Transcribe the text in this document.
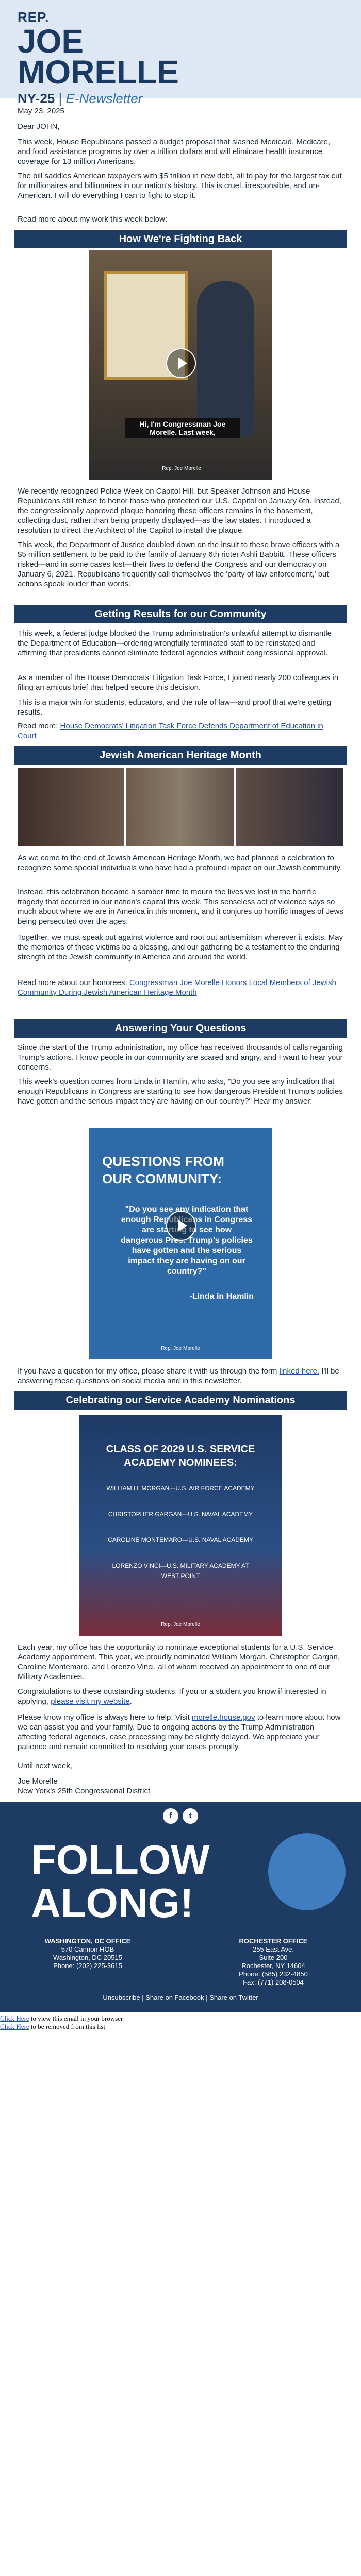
REP.
JOE
MORELLE
NY-25 | E-Newsletter
May 23, 2025
Dear JOHN,
This week, House Republicans passed a budget proposal that slashed Medicaid, Medicare, and food assistance programs by over a trillion dollars and will eliminate health insurance coverage for 13 million Americans.
The bill saddles American taxpayers with $5 trillion in new debt, all to pay for the largest tax cut for millionaires and billionaires in our nation's history. This is cruel, irresponsible, and un-American. I will do everything I can to fight to stop it.
Read more about my work this week below:
How We're Fighting Back
Hi, I'm Congressman Joe
Morelle. Last week,
Rep. Joe Morelle
We recently recognized Police Week on Capitol Hill, but Speaker Johnson and House Republicans still refuse to honor those who protected our U.S. Capitol on January 6th. Instead, the congressionally approved plaque honoring these officers remains in the basement, collecting dust, rather than being properly displayed—as the law states. I introduced a resolution to direct the Architect of the Capitol to install the plaque.
This week, the Department of Justice doubled down on the insult to these brave officers with a $5 million settlement to be paid to the family of January 6th rioter Ashli Babbitt. These officers risked—and in some cases lost—their lives to defend the Congress and our democracy on January 6, 2021. Republicans frequently call themselves the 'party of law enforcement,' but actions speak louder than words.
Getting Results for our Community
This week, a federal judge blocked the Trump administration's unlawful attempt to dismantle the Department of Education—ordering wrongfully terminated staff to be reinstated and affirming that presidents cannot eliminate federal agencies without congressional approval.
As a member of the House Democrats' Litigation Task Force, I joined nearly 200 colleagues in filing an amicus brief that helped secure this decision.
This is a major win for students, educators, and the rule of law—and proof that we're getting results.
Read more: House Democrats' Litigation Task Force Defends Department of Education in Court
Jewish American Heritage Month
As we come to the end of Jewish American Heritage Month, we had planned a celebration to recognize some special individuals who have had a profound impact on our Jewish community.
Instead, this celebration became a somber time to mourn the lives we lost in the horrific tragedy that occurred in our nation's capital this week. This senseless act of violence says so much about where we are in America in this moment, and it conjures up horrific images of Jews being persecuted over the ages.
Together, we must speak out against violence and root out antisemitism wherever it exists. May the memories of these victims be a blessing, and our gathering be a testament to the enduring strength of the Jewish community in America and around the world.
Read more about our honorees: Congressman Joe Morelle Honors Local Members of Jewish Community During Jewish American Heritage Month
Answering Your Questions
Since the start of the Trump administration, my office has received thousands of calls regarding Trump's actions. I know people in our community are scared and angry, and I want to hear your concerns.
This week's question comes from Linda in Hamlin, who asks, "Do you see any indication that enough Republicans in Congress are starting to see how dangerous President Trump's policies have gotten and the serious impact they are having on our country?" Hear my answer:
QUESTIONS FROM
OUR COMMUNITY:
"Do you see any indication that enough Republicans in Congress are starting to see how dangerous Pres. Trump's policies have gotten and the serious impact they are having on our country?"
-Linda in Hamlin
Rep. Joe Morelle
If you have a question for my office, please share it with us through the form linked here. I'll be answering these questions on social media and in this newsletter.
Celebrating our Service Academy Nominations
CLASS OF 2029 U.S. SERVICE
ACADEMY NOMINEES:
WILLIAM H. MORGAN—U.S. AIR FORCE ACADEMY
CHRISTOPHER GARGAN—U.S. NAVAL ACADEMY
CAROLINE MONTEMARO—U.S. NAVAL ACADEMY
LORENZO VINCI—U.S. MILITARY ACADEMY AT
WEST POINT
Rep. Joe Morelle
Each year, my office has the opportunity to nominate exceptional students for a U.S. Service Academy appointment. This year, we proudly nominated William Morgan, Christopher Gargan, Caroline Montemaro, and Lorenzo Vinci, all of whom received an appointment to one of our Military Academies.
Congratulations to these outstanding students. If you or a student you know if interested in applying, please visit my website.
Please know my office is always here to help. Visit morelle.house.gov to learn more about how we can assist you and your family. Due to ongoing actions by the Trump Administration affecting federal agencies, case processing may be slightly delayed. We appreciate your patience and remain committed to resolving your cases promptly.
Until next week,
Joe Morelle
New York's 25th Congressional District
f	t
FOLLOW
ALONG!
WASHINGTON, DC OFFICE
570 Cannon HOB
Washington, DC 20515
Phone: (202) 225-3615
ROCHESTER OFFICE
255 East Ave.
Suite 200
Rochester, NY 14604
Phone: (585) 232-4850
Fax: (771) 208-0504
Unsubscribe | Share on Facebook | Share on Twitter
Click Here to view this email in your browser
Click Here to be removed from this list
